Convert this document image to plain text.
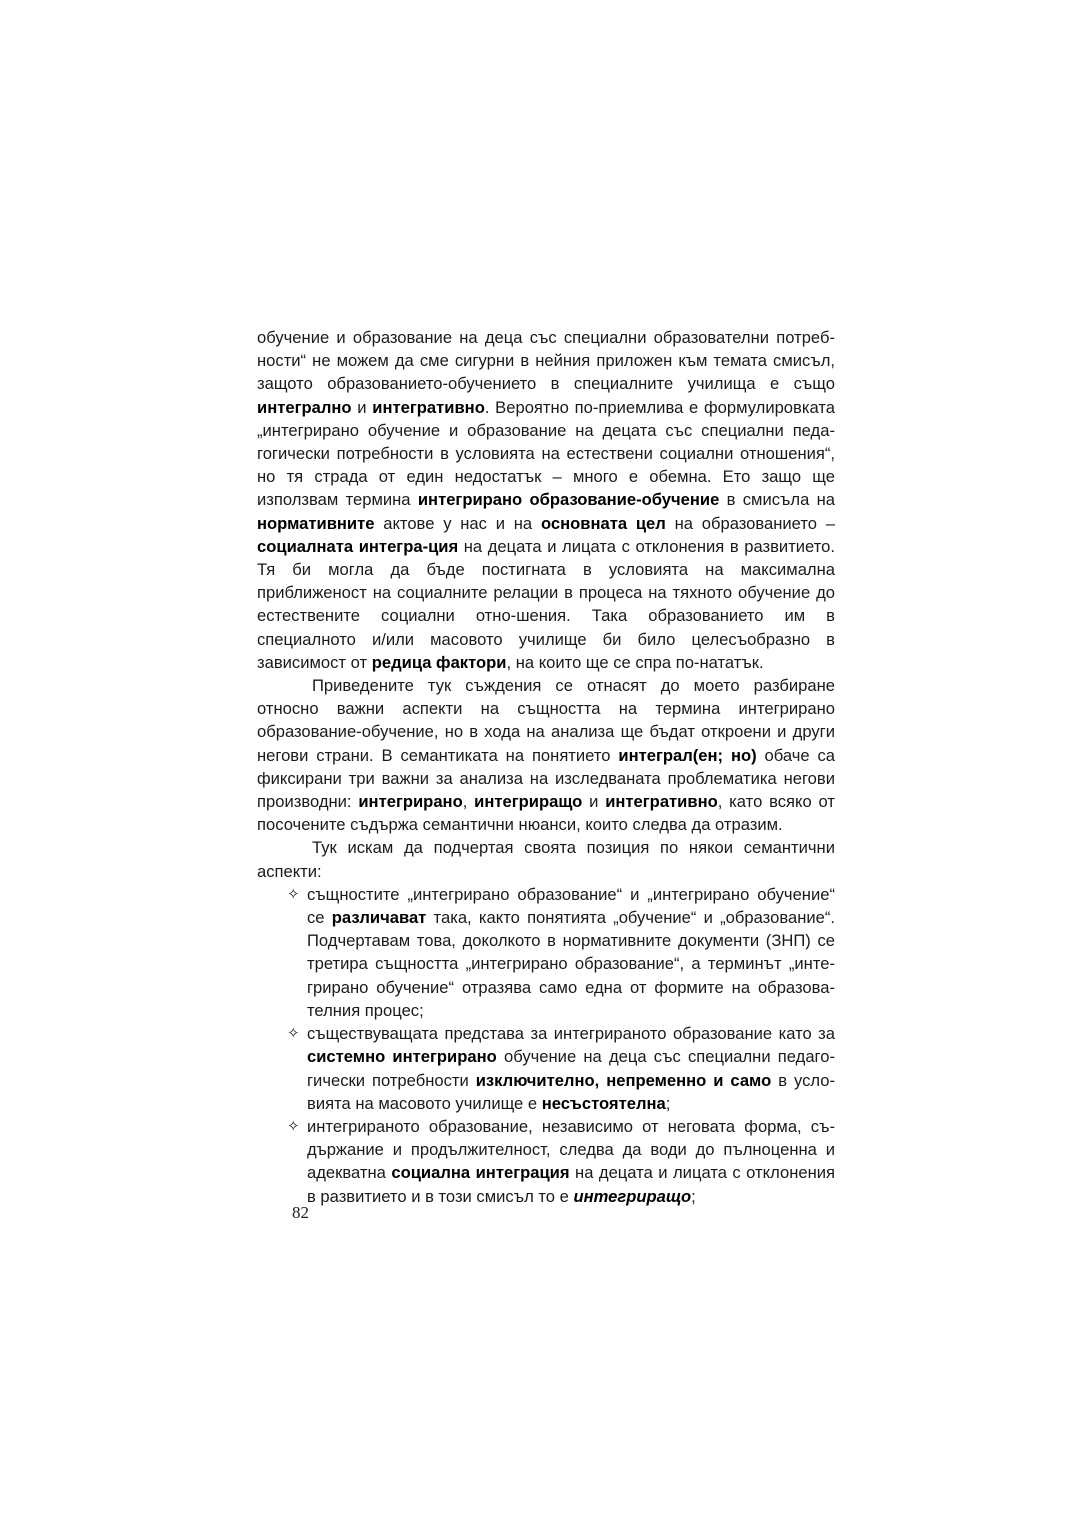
обучение и образование на деца със специални образователни потреб-ности“ не можем да сме сигурни в нейния приложен към темата смисъл, защото образованието-обучението в специалните училища е също интегрално и интегративно. Вероятно по-приемлива е формулировката „интегрирано обучение и образование на децата със специални педа-гогически потребности в условията на естествени социални отношения“, но тя страда от един недостатък – много е обемна. Ето защо ще използвам термина интегрирано образование-обучение в смисъла на нормативните актове у нас и на основната цел на образованието – социалната интегра-ция на децата и лицата с отклонения в развитието. Тя би могла да бъде постигната в условията на максимална приближеност на социалните релации в процеса на тяхното обучение до естествените социални отно-шения. Така образованието им в специалното и/или масовото училище би било целесъобразно в зависимост от редица фактори, на които ще се спра по-нататък.

Приведените тук съждения се отнасят до моето разбиране относно важни аспекти на същността на термина интегрирано образование-обучение, но в хода на анализа ще бъдат откроени и други негови страни. В семантиката на понятието интеграл(ен; но) обаче са фиксирани три важни за анализа на изследваната проблематика негови производни: интегрирано, интегриращо и интегративно, като всяко от посочените съдържа семантични нюанси, които следва да отразим.

Тук искам да подчертая своята позиция по някои семантични аспекти:

✧ същностите „интегрирано образование“ и „интегрирано обучение“ се различават така, както понятията „обучение“ и „образование“. Подчертавам това, доколкото в нормативните документи (ЗНП) се третира същността „интегрирано образование“, а терминът „инте-грирано обучение“ отразява само една от формите на образова-телния процес;
✧ съществуващата представа за интегрираното образование като за системно интегрирано обучение на деца със специални педаго-гически потребности изключително, непременно и само в усло-вията на масовото училище е несъстоятелна;
✧ интегрираното образование, независимо от неговата форма, съ-държание и продължителност, следва да води до пълноценна и адекватна социална интеграция на децата и лицата с отклонения в развитието и в този смисъл то е интегриращо;
82
